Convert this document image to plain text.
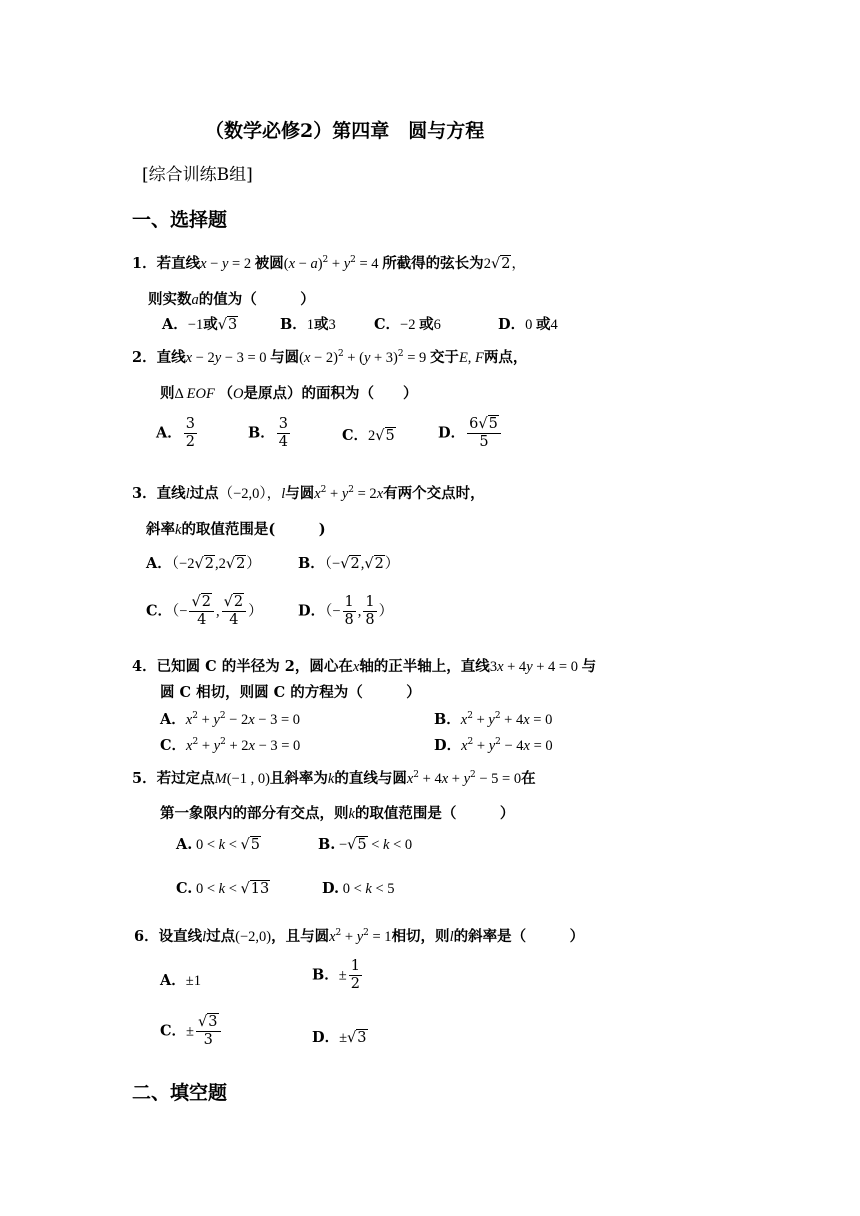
（数学必修2）第四章　圆与方程
[综合训练B组]
一、选择题
1．若直线x − y = 2 被圆$(x - a)^2 + y^2 = 4$ 所截得的弦长为2√2，
则实数a的值为（　　　）
A．−1或√3	B．1或3	C．−2 或6	D．0 或4
2．直线x − 2y − 3 = 0 与圆$(x - 2)^2 + (y + 3)^2 = 9$ 交于E, F两点，
则Δ EOF （O是原点）的面积为（　　）
A． $\frac{3}{2}$	B． $\frac{3}{4}$	C．2√5	D． $\frac{6√5}{5}$
3．直线l过点（−2,0），l与圆$x^2 + y^2 = 2x$有两个交点时，
斜率k的取值范围是(　　　)
A．（−2√2,2√2）	B．（−√2,√2）
C．（− $\frac{√2}{4}$ , $\frac{√2}{4}$ ） D．（− $\frac{1}{8}$ , $\frac{1}{8}$ ）
4．已知圆 C 的半径为 2，圆心在x轴的正半轴上，直线3x + 4y + 4 = 0 与
圆 C 相切，则圆 C 的方程为（　　　）
A．$x^2 + y^2 - 2x - 3 = 0$	B．$x^2 + y^2 + 4x = 0$
C．$x^2 + y^2 + 2x - 3 = 0$	D．$x^2 + y^2 - 4x = 0$
5．若过定点M(−1 , 0)且斜率为k的直线与圆$x^2 + 4x + y^2 - 5 = 0$在
第一象限内的部分有交点，则k的取值范围是（　　　）
A. 0 < k < √5	B. −√5 < k < 0
C. 0 < k < √13	D. 0 < k < 5
6．设直线l过点(−2,0)，且与圆$x^2 + y^2 = 1$相切，则l的斜率是（　　　）
A．±1	B．± $\frac{1}{2}$
C．± $\frac{√3}{3}$	D．±√3
二、填空题
